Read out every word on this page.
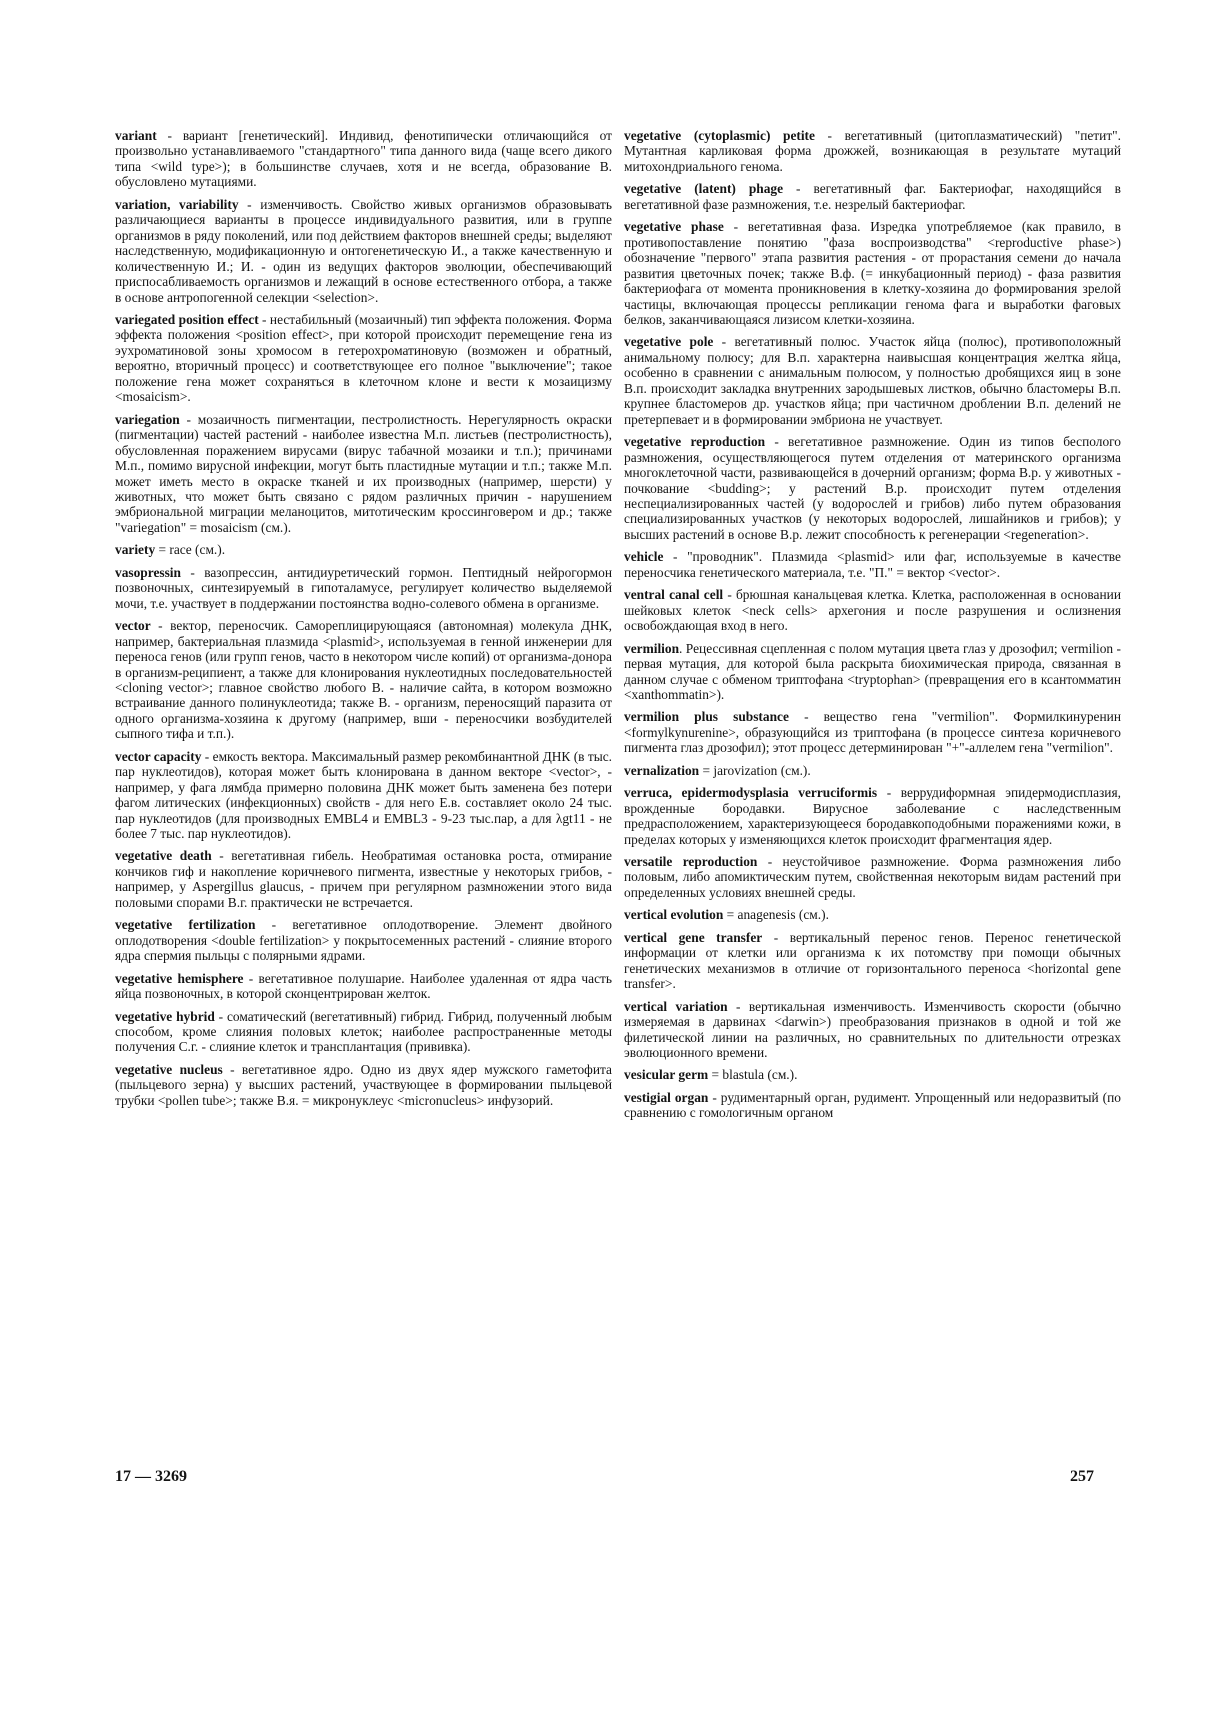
variant - вариант [генетический]. Индивид, фенотипически отличающийся от произвольно устанавливаемого "стандартного" типа данного вида (чаще всего дикого типа <wild type>); в большинстве случаев, хотя и не всегда, образование В. обусловлено мутациями.

variation, variability - изменчивость. Свойство живых организмов образовывать различающиеся варианты в процессе индивидуального развития, или в группе организмов в ряду поколений, или под действием факторов внешней среды; выделяют наследственную, модификационную и онтогенетическую И., а также качественную и количественную И.; И. - один из ведущих факторов эволюции, обеспечивающий приспосабливаемость организмов и лежащий в основе естественного отбора, а также в основе антропогенной селекции <selection>.

variegated position effect - нестабильный (мозаичный) тип эффекта положения. Форма эффекта положения <position effect>, при которой происходит перемещение гена из эухроматиновой зоны хромосом в гетерохроматиновую (возможен и обратный, вероятно, вторичный процесс) и соответствующее его полное "выключение"; такое положение гена может сохраняться в клеточном клоне и вести к мозаицизму <mosaicism>.

variegation - мозаичность пигментации, пестролистность. Нерегулярность окраски (пигментации) частей растений - наиболее известна М.п. листьев (пестролистность), обусловленная поражением вирусами (вирус табачной мозаики и т.п.); причинами М.п., помимо вирусной инфекции, могут быть пластидные мутации и т.п.; также М.п. может иметь место в окраске тканей и их производных (например, шерсти) у животных, что может быть связано с рядом различных причин - нарушением эмбриональной миграции меланоцитов, митотическим кроссинговером и др.; также "variegation" = mosaicism (см.).

variety = race (см.).

vasopressin - вазопрессин, антидиуретический гормон. Пептидный нейрогормон позвоночных, синтезируемый в гипоталамусе, регулирует количество выделяемой мочи, т.е. участвует в поддержании постоянства водно-солевого обмена в организме.

vector - вектор, переносчик. Самореплицирующаяся (автономная) молекула ДНК, например, бактериальная плазмида <plasmid>, используемая в генной инженерии для переноса генов (или групп генов, часто в некотором числе копий) от организма-донора в организм-реципиент, а также для клонирования нуклеотидных последовательностей <cloning vector>; главное свойство любого В. - наличие сайта, в котором возможно встраивание данного полинуклеотида; также В. - организм, переносящий паразита от одного организма-хозяина к другому (например, вши - переносчики возбудителей сыпного тифа и т.п.).

vector capacity - емкость вектора. Максимальный размер рекомбинантной ДНК (в тыс. пар нуклеотидов), которая может быть клонирована в данном векторе <vector>, - например, у фага лямбда примерно половина ДНК может быть заменена без потери фагом литических (инфекционных) свойств - для него Е.в. составляет около 24 тыс. пар нуклеотидов (для производных EMBL4 и EMBL3 - 9-23 тыс.пар, а для λgt11 - не более 7 тыс. пар нуклеотидов).

vegetative death - вегетативная гибель. Необратимая остановка роста, отмирание кончиков гиф и накопление коричневого пигмента, известные у некоторых грибов, - например, у Aspergillus glaucus, - причем при регулярном размножении этого вида половыми спорами В.г. практически не встречается.

vegetative fertilization - вегетативное оплодотворение. Элемент двойного оплодотворения <double fertilization> у покрытосеменных растений - слияние второго ядра спермия пыльцы с полярными ядрами.

vegetative hemisphere - вегетативное полушарие. Наиболее удаленная от ядра часть яйца позвоночных, в которой сконцентрирован желток.

vegetative hybrid - соматический (вегетативный) гибрид. Гибрид, полученный любым способом, кроме слияния половых клеток; наиболее распространенные методы получения С.г. - слияние клеток и трансплантация (прививка).

vegetative nucleus - вегетативное ядро. Одно из двух ядер мужского гаметофита (пыльцевого зерна) у высших растений, участвующее в формировании пыльцевой трубки <pollen tube>; также В.я. = микронуклеус <micronucleus> инфузорий.

vegetative (cytoplasmic) petite - вегетативный (цитоплазматический) "петит". Мутантная карликовая форма дрожжей, возникающая в результате мутаций митохондриального генома.

vegetative (latent) phage - вегетативный фаг. Бактериофаг, находящийся в вегетативной фазе размножения, т.е. незрелый бактериофаг.

vegetative phase - вегетативная фаза. Изредка употребляемое (как правило, в противопоставление понятию "фаза воспроизводства" <reproductive phase>) обозначение "первого" этапа развития растения - от прорастания семени до начала развития цветочных почек; также В.ф. (= инкубационный период) - фаза развития бактериофага от момента проникновения в клетку-хозяина до формирования зрелой частицы, включающая процессы репликации генома фага и выработки фаговых белков, заканчивающаяся лизисом клетки-хозяина.

vegetative pole - вегетативный полюс. Участок яйца (полюс), противоположный анимальному полюсу; для В.п. характерна наивысшая концентрация желтка яйца, особенно в сравнении с анимальным полюсом, у полностью дробящихся яиц в зоне В.п. происходит закладка внутренних зародышевых листков, обычно бластомеры В.п. крупнее бластомеров др. участков яйца; при частичном дроблении В.п. делений не претерпевает и в формировании эмбриона не участвует.

vegetative reproduction - вегетативное размножение. Один из типов бесполого размножения, осуществляющегося путем отделения от материнского организма многоклеточной части, развивающейся в дочерний организм; форма В.р. у животных - почкование <budding>; у растений В.р. происходит путем отделения неспециализированных частей (у водорослей и грибов) либо путем образования специализированных участков (у некоторых водорослей, лишайников и грибов); у высших растений в основе В.р. лежит способность к регенерации <regeneration>.

vehicle - "проводник". Плазмида <plasmid> или фаг, используемые в качестве переносчика генетического материала, т.е. "П." = вектор <vector>.

ventral canal cell - брюшная канальцевая клетка. Клетка, расположенная в основании шейковых клеток <neck cells> архегония и после разрушения и ослизнения освобождающая вход в него.

vermilion. Рецессивная сцепленная с полом мутация цвета глаз у дрозофил; vermilion - первая мутация, для которой была раскрыта биохимическая природа, связанная в данном случае с обменом триптофана <tryptophan> (превращения его в ксантомматин <xanthommatin>).

vermilion plus substance - вещество гена "vermilion". Формилкинуренин <formylkynurenine>, образующийся из триптофана (в процессе синтеза коричневого пигмента глаз дрозофил); этот процесс детерминирован "+"-аллелем гена "vermilion".

vernalization = jarovization (см.).

verruca, epidermodysplasia verruciformis - веррудиформная эпидермодисплазия, врожденные бородавки. Вирусное заболевание с наследственным предрасположением, характеризующееся бородавкоподобными поражениями кожи, в пределах которых у изменяющихся клеток происходит фрагментация ядер.

versatile reproduction - неустойчивое размножение. Форма размножения либо половым, либо апомиктическим путем, свойственная некоторым видам растений при определенных условиях внешней среды.

vertical evolution = anagenesis (см.).

vertical gene transfer - вертикальный перенос генов. Перенос генетической информации от клетки или организма к их потомству при помощи обычных генетических механизмов в отличие от горизонтального переноса <horizontal gene transfer>.

vertical variation - вертикальная изменчивость. Изменчивость скорости (обычно измеряемая в дарвинах <darwin>) преобразования признаков в одной и той же филетической линии на различных, но сравнительных по длительности отрезках эволюционного времени.

vesicular germ = blastula (см.).

vestigial organ - рудиментарный орган, рудимент. Упрощенный или недоразвитый (по сравнению с гомологичным органом

17 — 3269	257
